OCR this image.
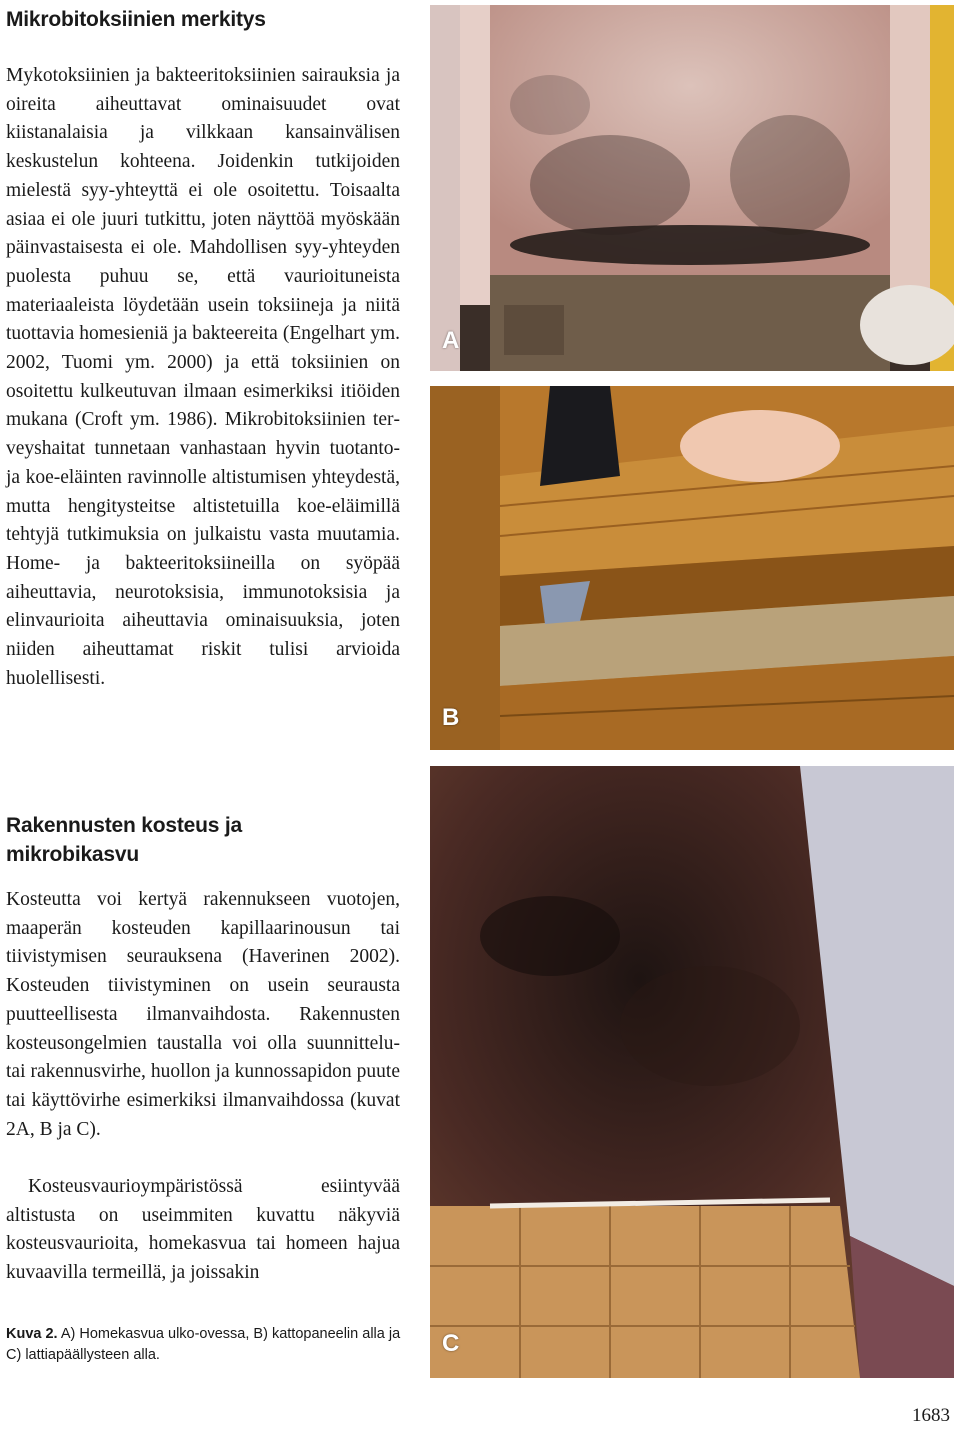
Mikrobitoksiinien merkitys
Mykotoksiinien ja bakteeritoksiinien sairauksia ja oireita aiheuttavat ominaisuudet ovat kiistanalaisia ja vilkkaan kansainvälisen keskustelun kohteena. Joidenkin tutkijoiden mielestä syy-yhteyttä ei ole osoitettu. Toisaalta asiaa ei ole juuri tutkittu, joten näyttöä myöskään päinvastaisesta ei ole. Mahdollisen syy-yhteyden puolesta puhuu se, että vaurioituneista materiaaleista löydetään usein toksiineja ja niitä tuottavia homesieniä ja bakteereita (Engelhart ym. 2002, Tuomi ym. 2000) ja että toksiinien on osoitettu kulkeutuvan ilmaan esimerkiksi itiöiden mukana (Croft ym. 1986). Mikrobitoksiinien terveyshaitat tunnetaan vanhastaan hyvin tuotanto- ja koe-eläinten ravinnolle altistumisen yhteydestä, mutta hengitysteitse altistetuilla koe-eläimillä tehtyjä tutkimuksia on julkaistu vasta muutamia. Home- ja bakteeritoksiineilla on syöpää aiheuttavia, neurotoksisia, immunotoksisia ja elinvaurioita aiheuttavia ominaisuuksia, joten niiden aiheuttamat riskit tulisi arvioida huolellisesti.
Rakennusten kosteus ja mikrobikasvu
Kosteutta voi kertyä rakennukseen vuotojen, maaperän kosteuden kapillaarinousun tai tiivistymisen seurauksena (Haverinen 2002). Kosteuden tiivistyminen on usein seurausta puutteellisesta ilmanvaihdosta. Rakennusten kosteusongelmien taustalla voi olla suunnittelu- tai rakennusvirhe, huollon ja kunnossapidon puute tai käyttövirhe esimerkiksi ilmanvaihdossa (kuvat 2A, B ja C).
Kosteusvaurioympäristössä esiintyvää altistusta on useimmiten kuvattu näkyviä kosteusvaurioita, homekasvua tai homeen hajua kuvaavilla termeillä, ja joissakin
Kuva 2. A) Homekasvua ulko-ovessa, B) kattopaneelin alla ja C) lattiapäällysteen alla.
A
B
C
1683
